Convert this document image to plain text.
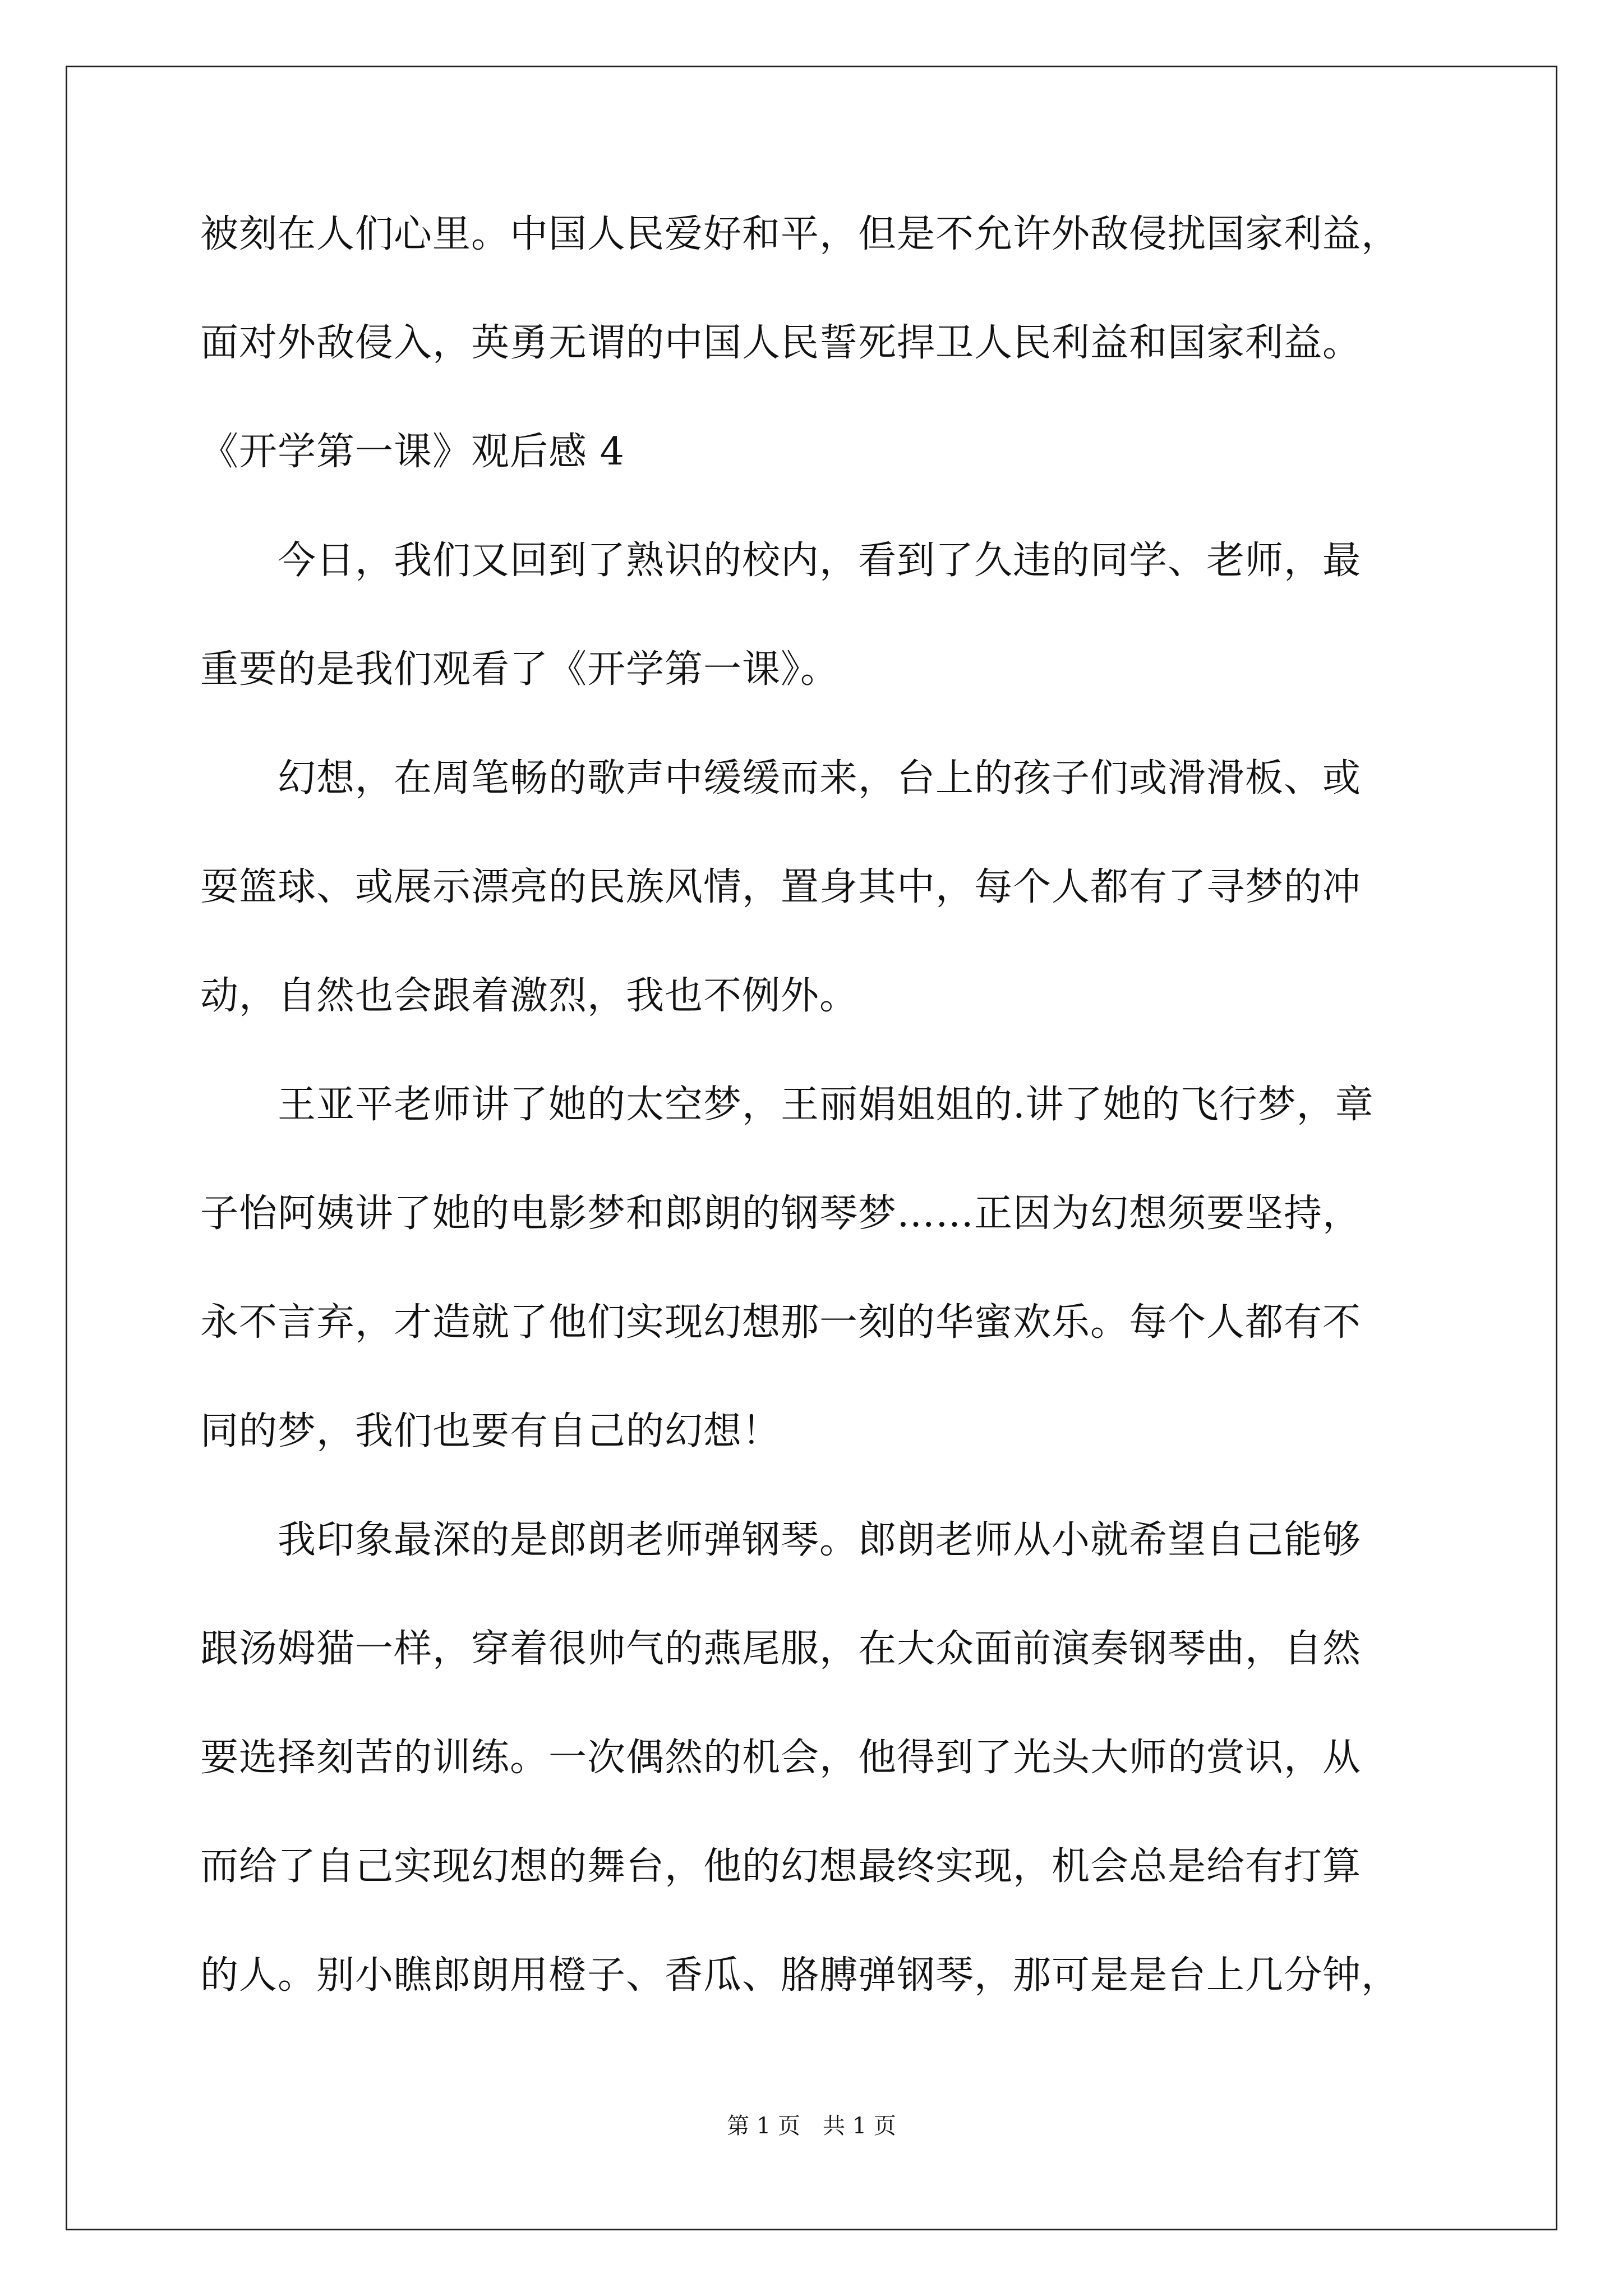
被刻在人们心里。中国人民爱好和平，但是不允许外敌侵扰国家利益，
面对外敌侵入，英勇无谓的中国人民誓死捍卫人民利益和国家利益。
《开学第一课》观后感 4
　　今日，我们又回到了熟识的校内，看到了久违的同学、老师，最
重要的是我们观看了《开学第一课》。
　　幻想，在周笔畅的歌声中缓缓而来，台上的孩子们或滑滑板、或
耍篮球、或展示漂亮的民族风情，置身其中，每个人都有了寻梦的冲
动，自然也会跟着激烈，我也不例外。
　　王亚平老师讲了她的太空梦，王丽娟姐姐的.讲了她的飞行梦，章
子怡阿姨讲了她的电影梦和郎朗的钢琴梦……正因为幻想须要坚持，
永不言弃，才造就了他们实现幻想那一刻的华蜜欢乐。每个人都有不
同的梦，我们也要有自己的幻想！
　　我印象最深的是郎朗老师弹钢琴。郎朗老师从小就希望自己能够
跟汤姆猫一样，穿着很帅气的燕尾服，在大众面前演奏钢琴曲，自然
要选择刻苦的训练。一次偶然的机会，他得到了光头大师的赏识，从
而给了自己实现幻想的舞台，他的幻想最终实现，机会总是给有打算
的人。别小瞧郎朗用橙子、香瓜、胳膊弹钢琴，那可是是台上几分钟，
第 1 页　共 1 页
